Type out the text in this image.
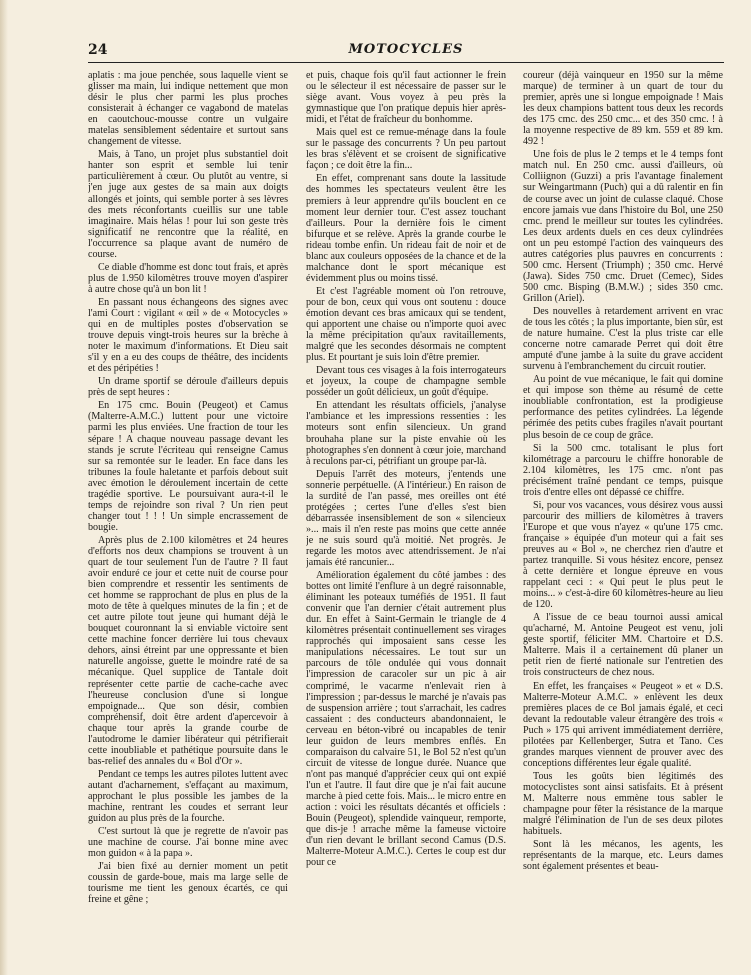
24	MOTOCYCLES

aplatis : ma joue penchée, sous laquelle vient se glisser ma main, lui indique nettement que mon désir le plus cher parmi les plus proches consisterait à échanger ce vagabond de matelas en caoutchouc-mousse contre un vulgaire matelas sensiblement sédentaire et surtout sans changement de vitesse.

Mais, à Tano, un projet plus substantiel doit hanter son esprit et semble lui tenir particulièrement à cœur. Ou plutôt au ventre, si j'en juge aux gestes de sa main aux doigts allongés et joints, qui semble porter à ses lèvres des mets réconfortants cueillis sur une table imaginaire. Mais hélas ! pour lui son geste très significatif ne rencontre que la réalité, en l'occurrence sa plaque avant de numéro de course.

Ce diable d'homme est donc tout frais, et après plus de 1.950 kilomètres trouve moyen d'aspirer à autre chose qu'à un bon lit !

En passant nous échangeons des signes avec l'ami Court : vigilant « œil » de « Motocycles » qui en de multiples postes d'observation se trouve depuis vingt-trois heures sur la brèche à noter le maximum d'informations. Et Dieu sait s'il y en a eu des coups de théâtre, des incidents et des péripéties !

Un drame sportif se déroule d'ailleurs depuis près de sept heures :

En 175 cmc. Bouin (Peugeot) et Camus (Malterre-A.M.C.) luttent pour une victoire parmi les plus enviées. Une fraction de tour les sépare ! A chaque nouveau passage devant les stands je scrute l'écriteau qui renseigne Camus sur sa remontée sur le leader. En face dans les tribunes la foule haletante et parfois debout suit avec émotion le déroulement incertain de cette tragédie sportive. Le poursuivant aura-t-il le temps de rejoindre son rival ? Un rien peut changer tout ! ! ! Un simple encrassement de bougie.

Après plus de 2.100 kilomètres et 24 heures d'efforts nos deux champions se trouvent à un quart de tour seulement l'un de l'autre ? Il faut avoir enduré ce jour et cette nuit de course pour bien comprendre et ressentir les sentiments de cet homme se rapprochant de plus en plus de la moto de tête à quelques minutes de la fin ; et de cet autre pilote tout jeune qui humant déjà le bouquet couronnant la si enviable victoire sent cette machine foncer derrière lui tous chevaux dehors, ainsi étreint par une oppressante et bien naturelle angoisse, guette le moindre raté de sa mécanique. Quel supplice de Tantale doit représenter cette partie de cache-cache avec l'heureuse conclusion d'une si longue empoignade... Que son désir, combien compréhensif, doit être ardent d'apercevoir à chaque tour après la grande courbe de l'autodrome le damier libérateur qui pétrifierait cette inoubliable et pathétique poursuite dans le bas-relief des annales du « Bol d'Or ».

Pendant ce temps les autres pilotes luttent avec autant d'acharnement, s'effaçant au maximum, approchant le plus possible les jambes de la machine, rentrant les coudes et serrant leur guidon au plus près de la fourche.

C'est surtout là que je regrette de n'avoir pas une machine de course. J'ai bonne mine avec mon guidon « à la papa ».

J'ai bien fixé au dernier moment un petit coussin de garde-boue, mais ma large selle de tourisme me tient les genoux écartés, ce qui freine et gêne ;

et puis, chaque fois qu'il faut actionner le frein ou le sélecteur il est nécessaire de passer sur le siège avant. Vous voyez à peu près la gymnastique que l'on pratique depuis hier après-midi, et l'état de fraîcheur du bonhomme.

Mais quel est ce remue-ménage dans la foule sur le passage des concurrents ? Un peu partout les bras s'élèvent et se croisent de significative façon ; ce doit être la fin...

En effet, comprenant sans doute la lassitude des hommes les spectateurs veulent être les premiers à leur apprendre qu'ils bouclent en ce moment leur dernier tour. C'est assez touchant d'ailleurs. Pour la dernière fois le ciment bifurque et se relève. Après la grande courbe le rideau tombe enfin. Un rideau fait de noir et de blanc aux couleurs opposées de la chance et de la malchance dont le sport mécanique est évidemment plus ou moins tissé.

Et c'est l'agréable moment où l'on retrouve, pour de bon, ceux qui vous ont soutenu : douce émotion devant ces bras amicaux qui se tendent, qui apportent une chaise ou n'importe quoi avec la même précipitation qu'aux ravitaillements, malgré que les secondes désormais ne comptent plus. Et pourtant je suis loin d'être premier.

Devant tous ces visages à la fois interrogateurs et joyeux, la coupe de champagne semble posséder un goût délicieux, un goût d'équipe.

En attendant les résultats officiels, j'analyse l'ambiance et les impressions ressenties : les moteurs sont enfin silencieux. Un grand brouhaha plane sur la piste envahie où les photographes s'en donnent à cœur joie, marchand à reculons par-ci, pétrifiant un groupe par-là.

Depuis l'arrêt des moteurs, j'entends une sonnerie perpétuelle. (A l'intérieur.) En raison de la surdité de l'an passé, mes oreilles ont été protégées ; certes l'une d'elles s'est bien débarrassée insensiblement de son « silencieux »... mais il n'en reste pas moins que cette année je ne suis sourd qu'à moitié. Net progrès. Je regarde les motos avec attendrissement. Je n'ai jamais été rancunier...

Amélioration également du côté jambes : des bottes ont limité l'enflure à un degré raisonnable, éliminant les poteaux tuméfiés de 1951. Il faut convenir que l'an dernier c'était autrement plus dur. En effet à Saint-Germain le triangle de 4 kilomètres présentait continuellement ses virages rapprochés qui imposaient sans cesse les manipulations nécessaires. Le tout sur un parcours de tôle ondulée qui vous donnait l'impression de caracoler sur un pic à air comprimé, le vacarme n'enlevait rien à l'impression ; par-dessus le marché je n'avais pas de suspension arrière ; tout s'arrachait, les cadres cassaient : des conducteurs abandonnaient, le cerveau en béton-vibré ou incapables de tenir leur guidon de leurs membres enflés. En comparaison du calvaire 51, le Bol 52 n'est qu'un circuit de vitesse de longue durée. Nuance que n'ont pas manqué d'apprécier ceux qui ont expié l'un et l'autre. Il faut dire que je n'ai fait aucune marche à pied cette fois. Mais... le micro entre en action : voici les résultats décantés et officiels : Bouin (Peugeot), splendide vainqueur, remporte, que dis-je ! arrache même la fameuse victoire d'un rien devant le brillant second Camus (D.S. Malterre-Moteur A.M.C.). Certes le coup est dur pour ce

coureur (déjà vainqueur en 1950 sur la même marque) de terminer à un quart de tour du premier, après une si longue empoignade ! Mais les deux champions battent tous deux les records des 175 cmc. des 250 cmc... et des 350 cmc. ! à la moyenne respective de 89 km. 559 et 89 km. 492 !

Une fois de plus le 2 temps et le 4 temps font match nul. En 250 cmc. aussi d'ailleurs, où Colliignon (Guzzi) a pris l'avantage finalement sur Weingartmann (Puch) qui a dû ralentir en fin de course avec un joint de culasse claqué. Chose encore jamais vue dans l'histoire du Bol, une 250 cmc. prend le meilleur sur toutes les cylindrées. Les deux ardents duels en ces deux cylindrées ont un peu estompé l'action des vainqueurs des autres catégories plus pauvres en concurrents : 500 cmc. Hersent (Triumph) ; 350 cmc. Hervé (Jawa). Sides 750 cmc. Druet (Cemec), Sides 500 cmc. Bisping (B.M.W.) ; sides 350 cmc. Grillon (Ariel).

Des nouvelles à retardement arrivent en vrac de tous les côtés ; la plus importante, bien sûr, est de nature humaine. C'est la plus triste car elle concerne notre camarade Perret qui doit être amputé d'une jambe à la suite du grave accident survenu à l'embranchement du circuit routier.

Au point de vue mécanique, le fait qui domine et qui impose son thème au résumé de cette inoubliable confrontation, est la prodigieuse performance des petites cylindrées. La légende périmée des petits cubes fragiles n'avait pourtant plus besoin de ce coup de grâce.

Si la 500 cmc. totalisant le plus fort kilométrage a parcouru le chiffre honorable de 2.104 kilomètres, les 175 cmc. n'ont pas précisément traîné pendant ce temps, puisque trois d'entre elles ont dépassé ce chiffre.

Si, pour vos vacances, vous désirez vous aussi parcourir des milliers de kilomètres à travers l'Europe et que vous n'ayez « qu'une 175 cmc. française » équipée d'un moteur qui a fait ses preuves au « Bol », ne cherchez rien d'autre et partez tranquille. Si vous hésitez encore, pensez à cette dernière et longue épreuve en vous rappelant ceci : « Qui peut le plus peut le moins... » c'est-à-dire 60 kilomètres-heure au lieu de 120.

A l'issue de ce beau tournoi aussi amical qu'acharné, M. Antoine Peugeot est venu, joli geste sportif, féliciter MM. Chartoire et D.S. Malterre. Mais il a certainement dû planer un petit rien de fierté nationale sur l'entretien des trois constructeurs de chez nous.

En effet, les françaises « Peugeot » et « D.S. Malterre-Moteur A.M.C. » enlèvent les deux premières places de ce Bol jamais égalé, et ceci devant la redoutable valeur étrangère des trois « Puch » 175 qui arrivent immédiatement derrière, pilotées par Kellenberger, Sutra et Tano. Ces grandes marques viennent de prouver avec des conceptions différentes leur égale qualité.

Tous les goûts bien légitimés des motocyclistes sont ainsi satisfaits. Et à présent M. Malterre nous emmène tous sabler le champagne pour fêter la résistance de la marque malgré l'élimination de l'un de ses deux pilotes habituels.

Sont là les mécanos, les agents, les représentants de la marque, etc. Leurs dames sont également présentes et beau-
